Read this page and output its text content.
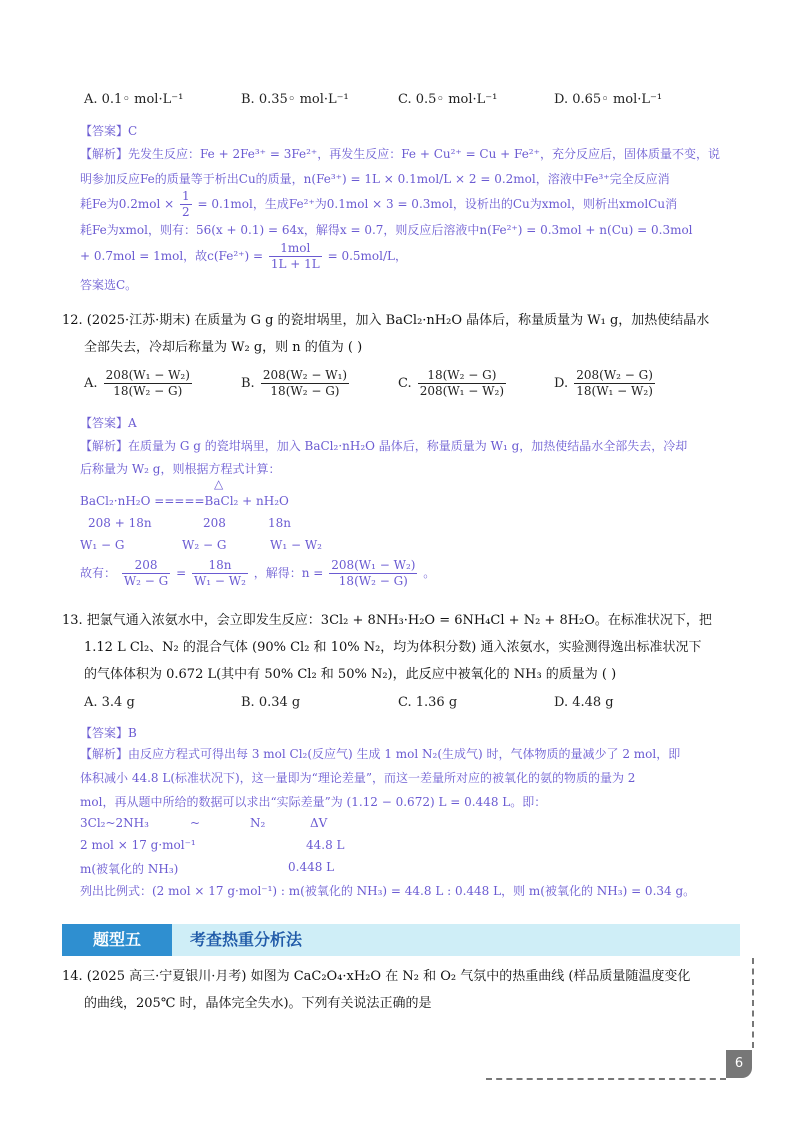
A. 0.1◦ mol·L⁻¹	B. 0.35◦ mol·L⁻¹	C. 0.5◦ mol·L⁻¹	D. 0.65◦ mol·L⁻¹
【答案】C
【解析】先发生反应：Fe + 2Fe³⁺ = 3Fe²⁺，再发生反应：Fe + Cu²⁺ = Cu + Fe²⁺，充分反应后，固体质量不变，说
明参加反应Fe的质量等于析出Cu的质量，n(Fe³⁺) = 1L × 0.1mol/L × 2 = 0.2mol，溶液中Fe³⁺完全反应消
耗Fe为$0.2mol \times \frac{1}{2} = 0.1mol$，生成Fe²⁺为0.1mol × 3 = 0.3mol，设析出的Cu为xmol，则析出xmolCu消
耗Fe为xmol，则有：56(x + 0.1) = 64x，解得x = 0.7，则反应后溶液中n(Fe²⁺) = 0.3mol + n(Cu) = 0.3mol
+ 0.7mol = 1mol，故$c(Fe^{2+}) = \frac{\text{1mol}}{1L + 1L} = 0.5mol/L$，
答案选C。
12. (2025·江苏·期末) 在质量为 G g 的瓷坩埚里，加入 BaCl₂·nH₂O 晶体后，称量质量为 W₁ g，加热使结晶水
全部失去，冷却后称量为 W₂ g，则 n 的值为 ( )
A. $\frac{\text{208(W₁ − W₂)}}{\text{18(W₂ − G)}}$	B. $\frac{\text{208(W₂ − W₁)}}{\text{18(W₂ − G)}}$	C. $\frac{\text{18(W₂ − G)}}{\text{208(W₁ − W₂)}}$	D. $\frac{\text{208(W₂ − G)}}{\text{18(W₁ − W₂)}}$
【答案】A
【解析】在质量为 G g 的瓷坩埚里，加入 BaCl₂·nH₂O 晶体后，称量质量为 W₁ g，加热使结晶水全部失去，冷却
后称量为 W₂ g，则根据方程式计算：
△
BaCl₂·nH₂O =====BaCl₂ + nH₂O
208 + 18n	208	18n
W₁ − G	W₂ − G	W₁ − W₂
故有： $\frac{208}{\text{W₂ − G}} = \frac{18n}{\text{W₁ − W₂}}$ ，解得：$n = \frac{\text{208(W₁ − W₂)}}{\text{18(W₂ − G)}}$ 。
13. 把氯气通入浓氨水中，会立即发生反应：3Cl₂ + 8NH₃·H₂O = 6NH₄Cl + N₂ + 8H₂O。在标准状况下，把
1.12 L Cl₂、N₂ 的混合气体 (90% Cl₂ 和 10% N₂，均为体积分数) 通入浓氨水，实验测得逸出标准状况下
的气体体积为 0.672 L(其中有 50% Cl₂ 和 50% N₂)，此反应中被氧化的 NH₃ 的质量为 ( )
A. 3.4 g	B. 0.34 g	C. 1.36 g	D. 4.48 g
【答案】B
【解析】由反应方程式可得出每 3 mol Cl₂(反应气) 生成 1 mol N₂(生成气) 时，气体物质的量减少了 2 mol，即
体积减小 44.8 L(标准状况下)，这一量即为“理论差量”，而这一差量所对应的被氧化的氨的物质的量为 2
mol，再从题中所给的数据可以求出“实际差量”为 (1.12 − 0.672) L = 0.448 L。即：
3Cl₂~2NH₃	~	N₂	ΔV
2 mol × 17 g·mol⁻¹	44.8 L
m(被氧化的 NH₃)	0.448 L
列出比例式：(2 mol × 17 g·mol⁻¹) : m(被氧化的 NH₃) = 44.8 L : 0.448 L，则 m(被氧化的 NH₃) = 0.34 g。
题型五	考查热重分析法
14. (2025 高三·宁夏银川·月考) 如图为 CaC₂O₄·xH₂O 在 N₂ 和 O₂ 气氛中的热重曲线 (样品质量随温度变化
的曲线，205℃ 时，晶体完全失水)。下列有关说法正确的是
6
